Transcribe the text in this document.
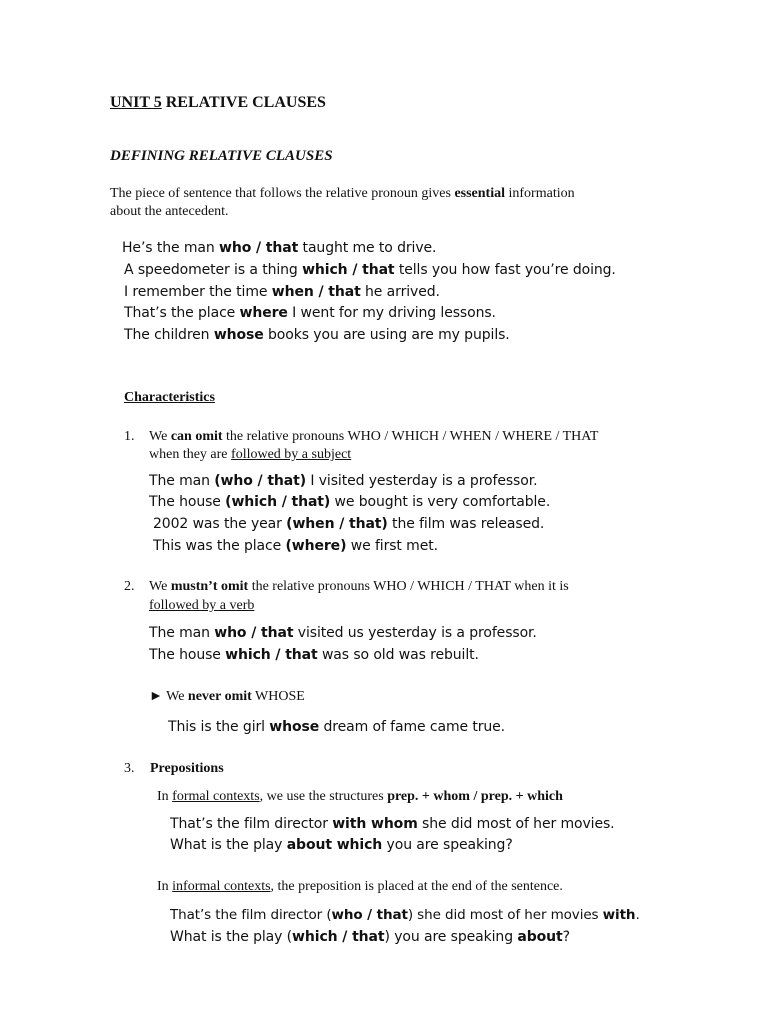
UNIT 5 RELATIVE CLAUSES
DEFINING RELATIVE CLAUSES
The piece of sentence that follows the relative pronoun gives essential information
about the antecedent.
He’s the man who / that taught me to drive.
A speedometer is a thing which / that tells you how fast you’re doing.
I remember the time when / that he arrived.
That’s the place where I went for my driving lessons.
The children whose books you are using are my pupils.
Characteristics
1. We can omit the relative pronouns WHO / WHICH / WHEN / WHERE / THAT
when they are followed by a subject
The man (who / that) I visited yesterday is a professor.
The house (which / that) we bought is very comfortable.
2002 was the year (when / that) the film was released.
This was the place (where) we first met.
2. We mustn’t omit the relative pronouns WHO / WHICH / THAT when it is
followed by a verb
The man who / that visited us yesterday is a professor.
The house which / that was so old was rebuilt.
► We never omit WHOSE
This is the girl whose dream of fame came true.
3. Prepositions
In formal contexts, we use the structures prep. + whom / prep. + which
That’s the film director with whom she did most of her movies.
What is the play about which you are speaking?
In informal contexts, the preposition is placed at the end of the sentence.
That’s the film director (who / that) she did most of her movies with.
What is the play (which / that) you are speaking about?
